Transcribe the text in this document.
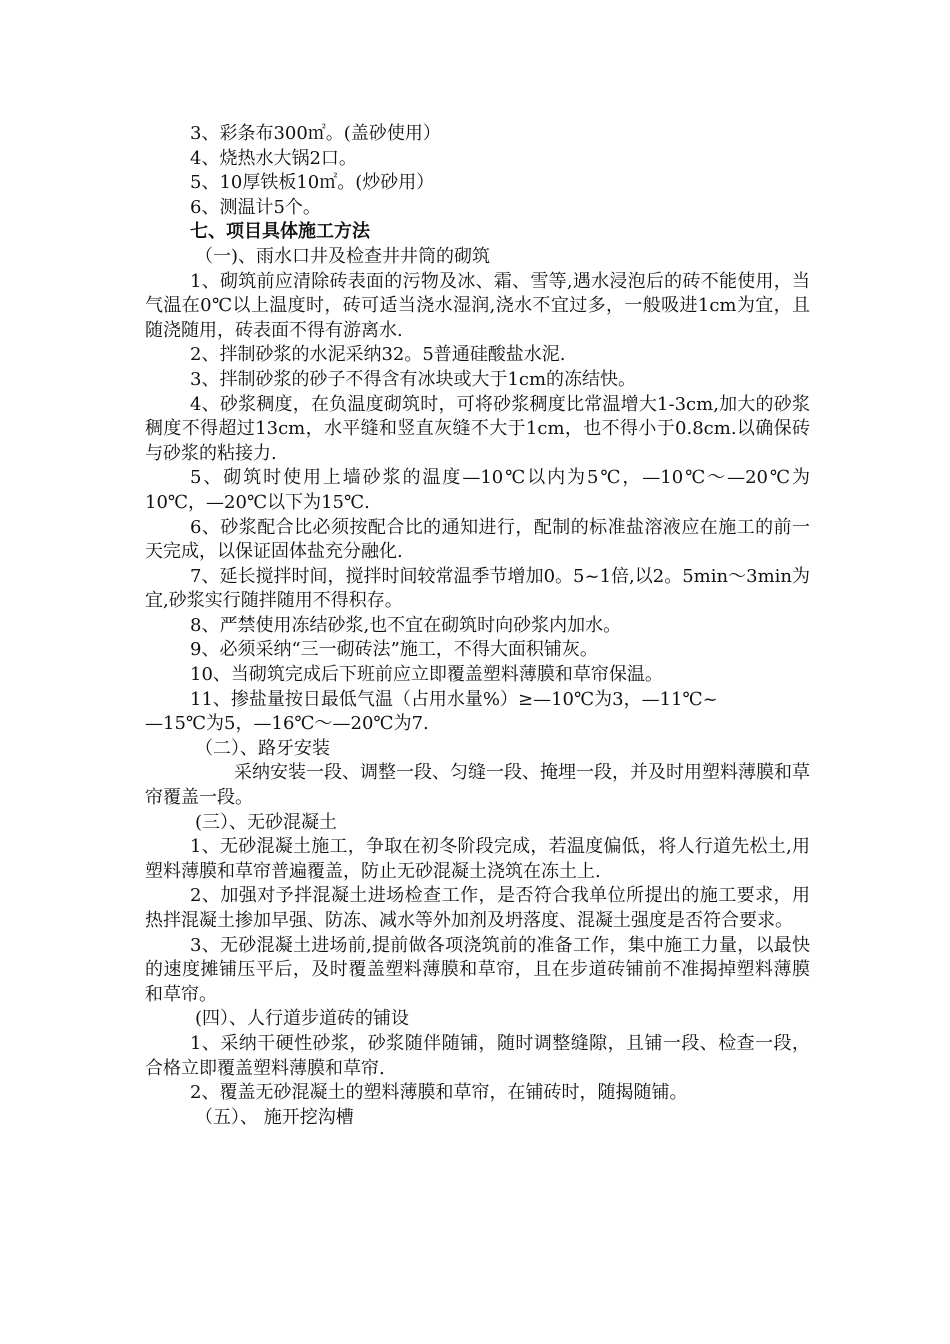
3、彩条布300㎡。(盖砂使用）

4、烧热水大锅2口。

5、10厚铁板10㎡。(炒砂用）

6、测温计5个。

七、项目具体施工方法

（一)、雨水口井及检查井井筒的砌筑

1、砌筑前应清除砖表面的污物及冰、霜、雪等,遇水浸泡后的砖不能使用，当气温在0℃以上温度时，砖可适当浇水湿润,浇水不宜过多，一般吸进1cm为宜，且随浇随用，砖表面不得有游离水.

2、拌制砂浆的水泥采纳32。5普通硅酸盐水泥.

3、拌制砂浆的砂子不得含有冰块或大于1cm的冻结快。

4、砂浆稠度，在负温度砌筑时，可将砂浆稠度比常温增大1-3cm,加大的砂浆稠度不得超过13cm，水平缝和竖直灰缝不大于1cm，也不得小于0.8cm.以确保砖与砂浆的粘接力.

5、砌筑时使用上墙砂浆的温度—10℃以内为5℃，—10℃～—20℃为10℃，—20℃以下为15℃.

6、砂浆配合比必须按配合比的通知进行，配制的标准盐溶液应在施工的前一天完成，以保证固体盐充分融化.

7、延长搅拌时间，搅拌时间较常温季节增加0。5~1倍,以2。5min～3min为宜,砂浆实行随拌随用不得积存。

8、严禁使用冻结砂浆,也不宜在砌筑时向砂浆内加水。

9、必须采纳“三一砌砖法”施工，不得大面积铺灰。

10、当砌筑完成后下班前应立即覆盖塑料薄膜和草帘保温。

11、掺盐量按日最低气温（占用水量%）≥—10℃为3，—11℃~

—15℃为5，—16℃～—20℃为7.

（二）、路牙安装

采纳安装一段、调整一段、匀缝一段、掩埋一段，并及时用塑料薄膜和草帘覆盖一段。

(三）、无砂混凝土

1、无砂混凝土施工，争取在初冬阶段完成，若温度偏低，将人行道先松土,用塑料薄膜和草帘普遍覆盖，防止无砂混凝土浇筑在冻土上.

2、加强对予拌混凝土进场检查工作，是否符合我单位所提出的施工要求，用热拌混凝土掺加早强、防冻、减水等外加剂及坍落度、混凝土强度是否符合要求。

3、无砂混凝土进场前,提前做各项浇筑前的准备工作，集中施工力量，以最快的速度摊铺压平后，及时覆盖塑料薄膜和草帘，且在步道砖铺前不准揭掉塑料薄膜和草帘。

(四）、人行道步道砖的铺设

1、采纳干硬性砂浆，砂浆随伴随铺，随时调整缝隙，且铺一段、检查一段，合格立即覆盖塑料薄膜和草帘.

2、覆盖无砂混凝土的塑料薄膜和草帘，在铺砖时，随揭随铺。

（五）、 施开挖沟槽
